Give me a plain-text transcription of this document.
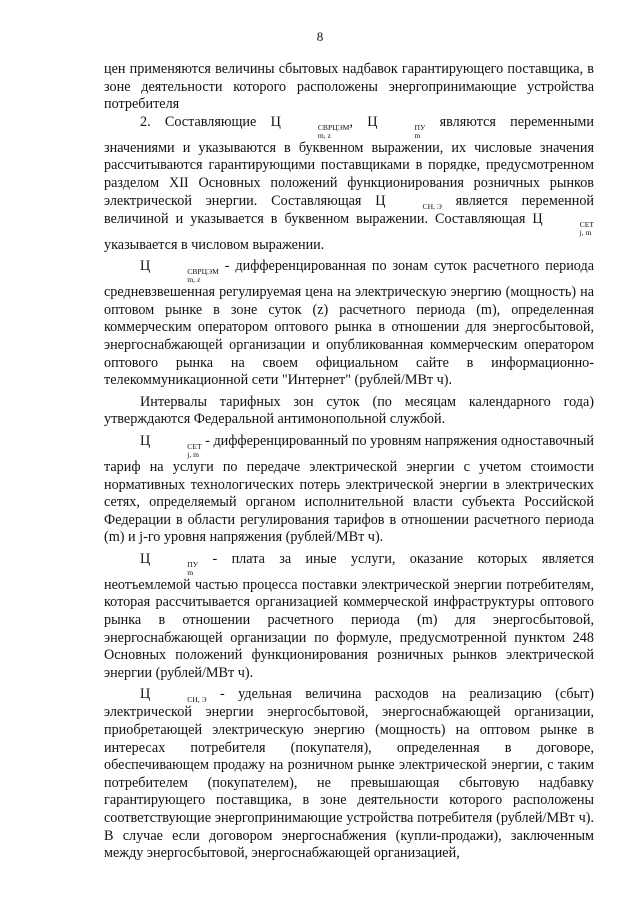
8

цен применяются величины сбытовых надбавок гарантирующего поставщика, в зоне деятельности которого расположены энергопринимающие устройства потребителя

2. Составляющие Ц	СВРЦЭМ
m, z
, Ц	ПУ
m
являются переменными значениями и указываются в буквенном выражении, их числовые значения рассчитываются гарантирующими поставщиками в порядке, предусмотренном разделом XII Основных положений функционирования розничных рынков электрической энергии. Составляющая Ц	СН, Э является переменной величиной и указывается в буквенном выражении. Составляющая Ц	СЕТ
j, m
указывается в числовом выражении.

Ц	СВРЦЭМ
m, z
- дифференцированная по зонам суток расчетного периода средневзвешенная регулируемая цена на электрическую энергию (мощность) на оптовом рынке в зоне суток (z) расчетного периода (m), определенная коммерческим оператором оптового рынка в отношении для энергосбытовой, энергоснабжающей организации и опубликованная коммерческим оператором оптового рынка на своем официальном сайте в информационно-телекоммуникационной сети "Интернет" (рублей/МВт ч).

Интервалы тарифных зон суток (по месяцам календарного года) утверждаются Федеральной антимонопольной службой.

Ц	СЕТ
j, m
- дифференцированный по уровням напряжения одноставочный тариф на услуги по передаче электрической энергии с учетом стоимости нормативных технологических потерь электрической энергии в электрических сетях, определяемый органом исполнительной власти субъекта Российской Федерации в области регулирования тарифов в отношении расчетного периода (m) и j-го уровня напряжения (рублей/МВт ч).

Ц	ПУ
m
- плата за иные услуги, оказание которых является неотъемлемой частью процесса поставки электрической энергии потребителям, которая рассчитывается организацией коммерческой инфраструктуры оптового рынка в отношении расчетного периода (m) для энергосбытовой, энергоснабжающей организации по формуле, предусмотренной пунктом 248 Основных положений функционирования розничных рынков электрической энергии (рублей/МВт ч).

Ц	СН, Э - удельная величина расходов на реализацию (сбыт) электрической энергии энергосбытовой, энергоснабжающей организации, приобретающей электрическую энергию (мощность) на оптовом рынке в интересах потребителя (покупателя), определенная в договоре, обеспечивающем продажу на розничном рынке электрической энергии, с таким потребителем (покупателем), не превышающая сбытовую надбавку гарантирующего поставщика, в зоне деятельности которого расположены соответствующие энергопринимающие устройства потребителя (рублей/МВт ч). В случае если договором энергоснабжения (купли-продажи), заключенным между энергосбытовой, энергоснабжающей организацией,
